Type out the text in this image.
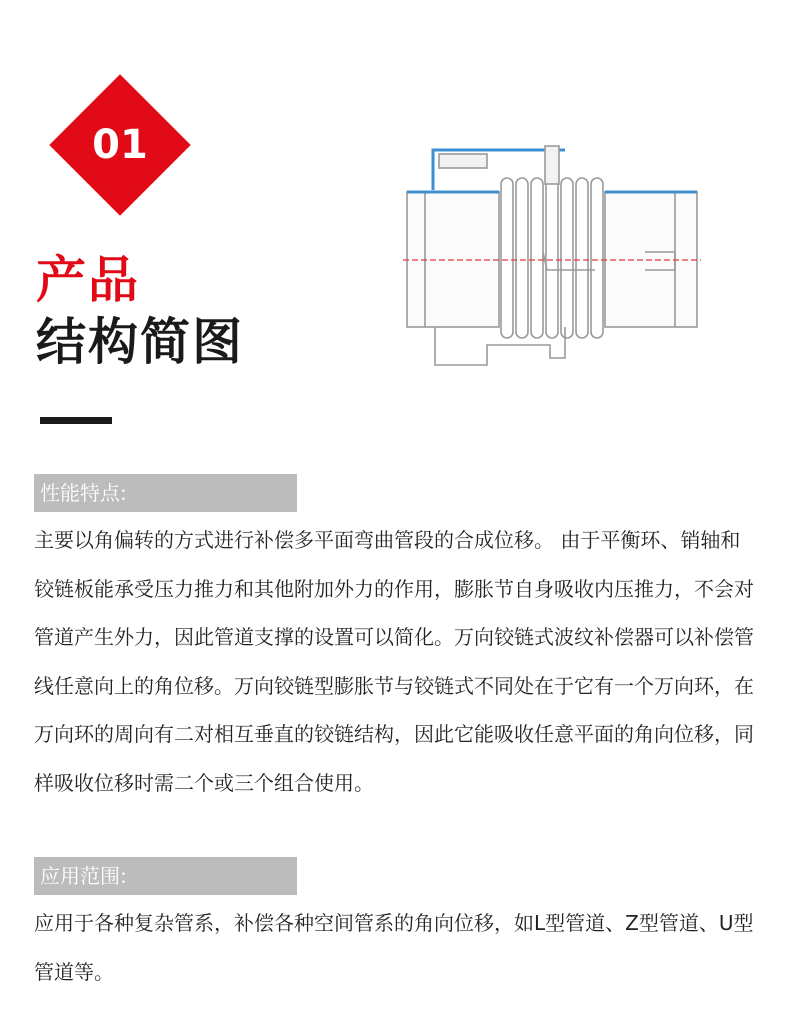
01
产品
结构简图
性能特点:

主要以角偏转的方式进行补偿多平面弯曲管段的合成位移。 由于平衡环、销轴和铰链板能承受压力推力和其他附加外力的作用，膨胀节自身吸收内压推力，不会对管道产生外力，因此管道支撑的设置可以简化。万向铰链式波纹补偿器可以补偿管线任意向上的角位移。万向铰链型膨胀节与铰链式不同处在于它有一个万向环，在万向环的周向有二对相互垂直的铰链结构，因此它能吸收任意平面的角向位移，同样吸收位移时需二个或三个组合使用。

应用范围:

应用于各种复杂管系，补偿各种空间管系的角向位移，如L型管道、Z型管道、U型管道等。
